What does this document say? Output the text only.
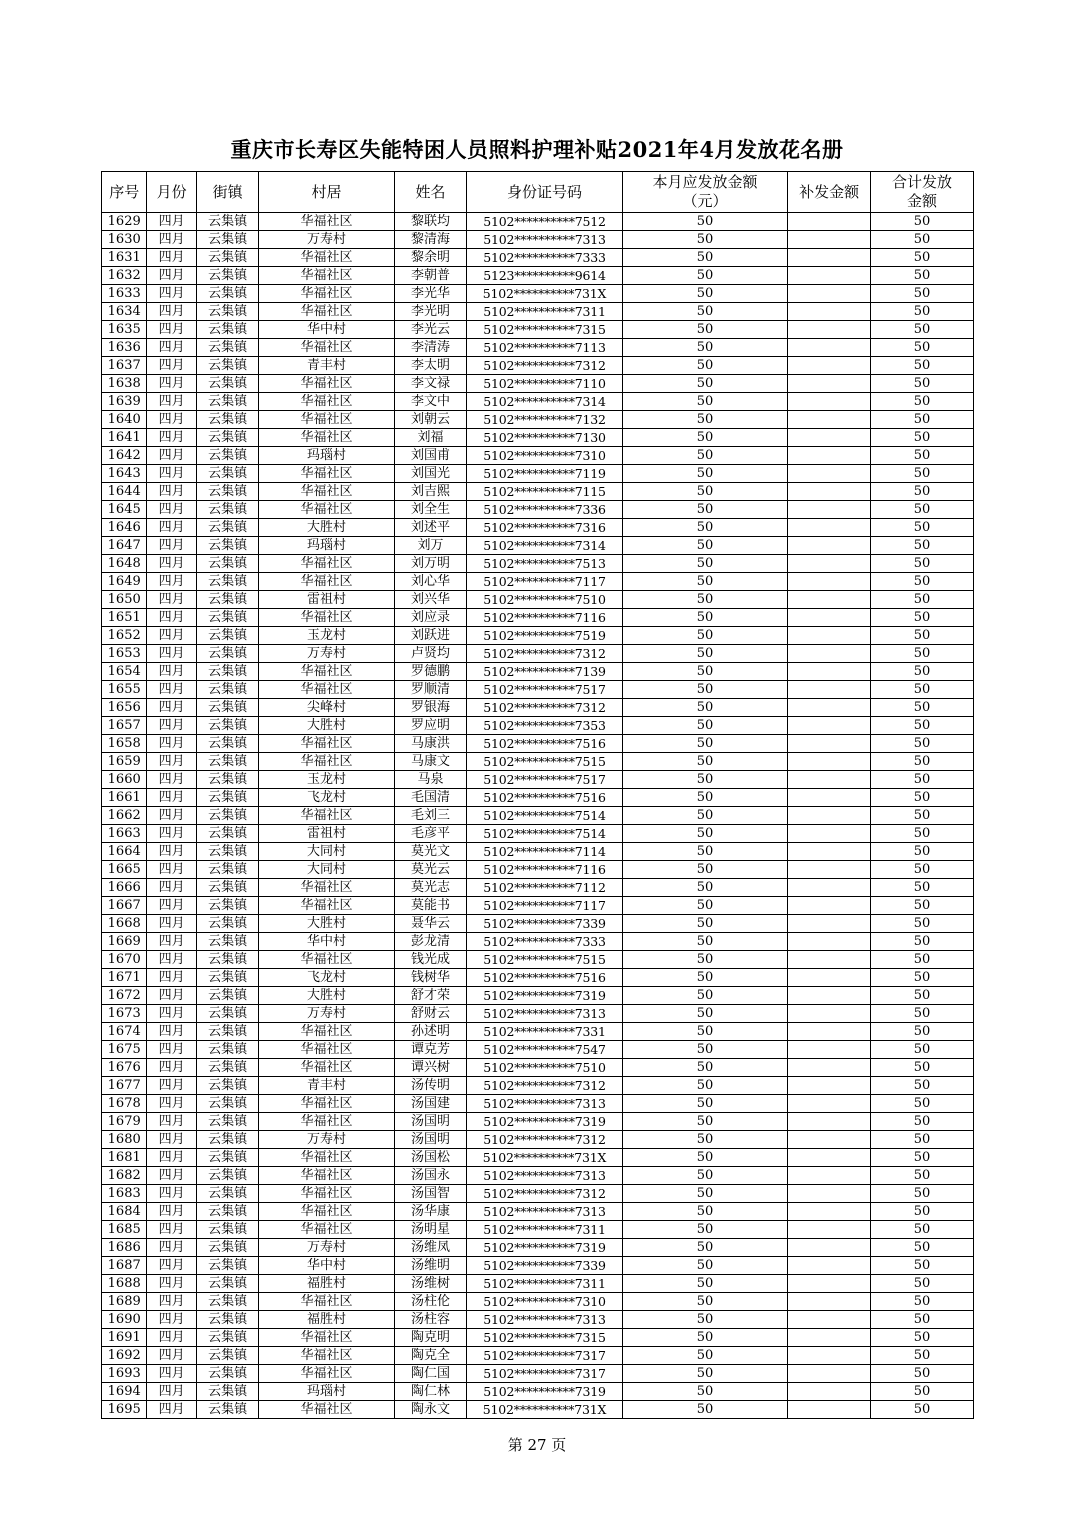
重庆市长寿区失能特困人员照料护理补贴2021年4月发放花名册
序号	月份	街镇	村居	姓名	身份证号码	本月应发放金额（元）	补发金额	合计发放金额
1629	四月	云集镇	华福社区	黎联均	5102**********7512	50		50
1630	四月	云集镇	万寿村	黎清海	5102**********7313	50		50
1631	四月	云集镇	华福社区	黎余明	5102**********7333	50		50
1632	四月	云集镇	华福社区	李朝普	5123**********9614	50		50
1633	四月	云集镇	华福社区	李光华	5102**********731X	50		50
1634	四月	云集镇	华福社区	李光明	5102**********7311	50		50
1635	四月	云集镇	华中村	李光云	5102**********7315	50		50
1636	四月	云集镇	华福社区	李清涛	5102**********7113	50		50
1637	四月	云集镇	青丰村	李太明	5102**********7312	50		50
1638	四月	云集镇	华福社区	李文禄	5102**********7110	50		50
1639	四月	云集镇	华福社区	李文中	5102**********7314	50		50
1640	四月	云集镇	华福社区	刘朝云	5102**********7132	50		50
1641	四月	云集镇	华福社区	刘福	5102**********7130	50		50
1642	四月	云集镇	玛瑙村	刘国甫	5102**********7310	50		50
1643	四月	云集镇	华福社区	刘国光	5102**********7119	50		50
1644	四月	云集镇	华福社区	刘吉熙	5102**********7115	50		50
1645	四月	云集镇	华福社区	刘全生	5102**********7336	50		50
1646	四月	云集镇	大胜村	刘述平	5102**********7316	50		50
1647	四月	云集镇	玛瑙村	刘万	5102**********7314	50		50
1648	四月	云集镇	华福社区	刘万明	5102**********7513	50		50
1649	四月	云集镇	华福社区	刘心华	5102**********7117	50		50
1650	四月	云集镇	雷祖村	刘兴华	5102**********7510	50		50
1651	四月	云集镇	华福社区	刘应录	5102**********7116	50		50
1652	四月	云集镇	玉龙村	刘跃进	5102**********7519	50		50
1653	四月	云集镇	万寿村	卢贤均	5102**********7312	50		50
1654	四月	云集镇	华福社区	罗德鹏	5102**********7139	50		50
1655	四月	云集镇	华福社区	罗顺清	5102**********7517	50		50
1656	四月	云集镇	尖峰村	罗银海	5102**********7312	50		50
1657	四月	云集镇	大胜村	罗应明	5102**********7353	50		50
1658	四月	云集镇	华福社区	马康洪	5102**********7516	50		50
1659	四月	云集镇	华福社区	马康文	5102**********7515	50		50
1660	四月	云集镇	玉龙村	马泉	5102**********7517	50		50
1661	四月	云集镇	飞龙村	毛国清	5102**********7516	50		50
1662	四月	云集镇	华福社区	毛刘三	5102**********7514	50		50
1663	四月	云集镇	雷祖村	毛彦平	5102**********7514	50		50
1664	四月	云集镇	大同村	莫光文	5102**********7114	50		50
1665	四月	云集镇	大同村	莫光云	5102**********7116	50		50
1666	四月	云集镇	华福社区	莫光志	5102**********7112	50		50
1667	四月	云集镇	华福社区	莫能书	5102**********7117	50		50
1668	四月	云集镇	大胜村	聂华云	5102**********7339	50		50
1669	四月	云集镇	华中村	彭龙清	5102**********7333	50		50
1670	四月	云集镇	华福社区	钱光成	5102**********7515	50		50
1671	四月	云集镇	飞龙村	钱树华	5102**********7516	50		50
1672	四月	云集镇	大胜村	舒才荣	5102**********7319	50		50
1673	四月	云集镇	万寿村	舒财云	5102**********7313	50		50
1674	四月	云集镇	华福社区	孙述明	5102**********7331	50		50
1675	四月	云集镇	华福社区	谭克芳	5102**********7547	50		50
1676	四月	云集镇	华福社区	谭兴树	5102**********7510	50		50
1677	四月	云集镇	青丰村	汤传明	5102**********7312	50		50
1678	四月	云集镇	华福社区	汤国建	5102**********7313	50		50
1679	四月	云集镇	华福社区	汤国明	5102**********7319	50		50
1680	四月	云集镇	万寿村	汤国明	5102**********7312	50		50
1681	四月	云集镇	华福社区	汤国松	5102**********731X	50		50
1682	四月	云集镇	华福社区	汤国永	5102**********7313	50		50
1683	四月	云集镇	华福社区	汤国智	5102**********7312	50		50
1684	四月	云集镇	华福社区	汤华康	5102**********7313	50		50
1685	四月	云集镇	华福社区	汤明星	5102**********7311	50		50
1686	四月	云集镇	万寿村	汤维凤	5102**********7319	50		50
1687	四月	云集镇	华中村	汤维明	5102**********7339	50		50
1688	四月	云集镇	福胜村	汤维树	5102**********7311	50		50
1689	四月	云集镇	华福社区	汤柱伦	5102**********7310	50		50
1690	四月	云集镇	福胜村	汤柱容	5102**********7313	50		50
1691	四月	云集镇	华福社区	陶克明	5102**********7315	50		50
1692	四月	云集镇	华福社区	陶克全	5102**********7317	50		50
1693	四月	云集镇	华福社区	陶仁国	5102**********7317	50		50
1694	四月	云集镇	玛瑙村	陶仁林	5102**********7319	50		50
1695	四月	云集镇	华福社区	陶永文	5102**********731X	50		50
第 27 页
